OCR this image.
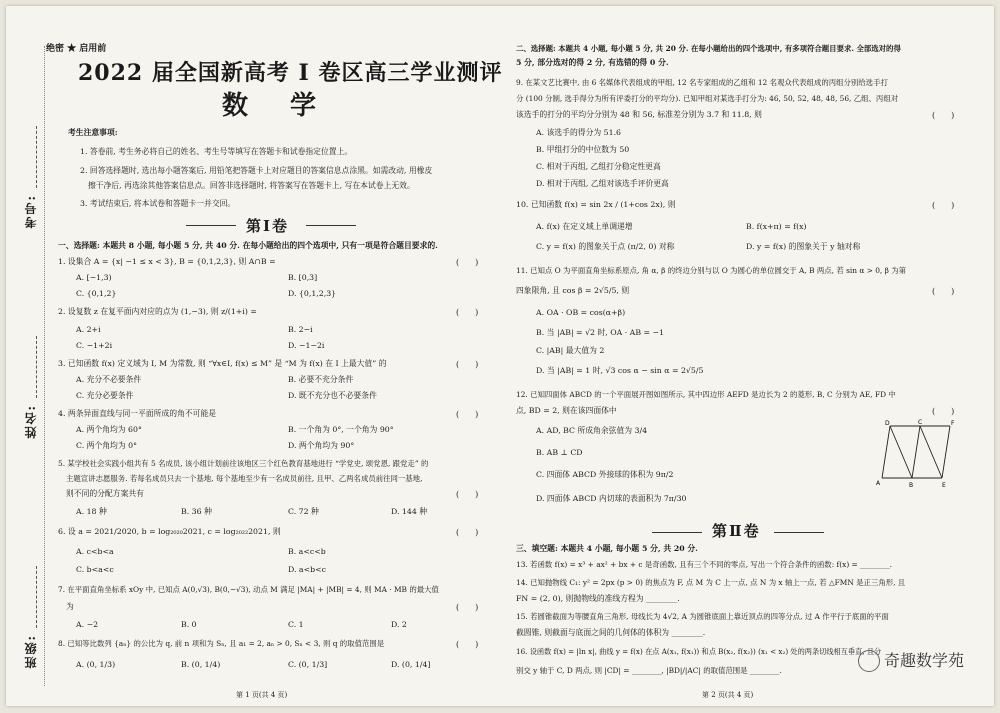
考号:
姓名:
班级:
绝密 ★ 启用前
2022 届全国新高考 Ⅰ 卷区高三学业测评
数　学
考生注意事项:
1. 答卷前, 考生务必将自己的姓名、考生号等填写在答题卡和试卷指定位置上。
2. 回答选择题时, 选出每小题答案后, 用铅笔把答题卡上对应题目的答案信息点涂黑。如需改动, 用橡皮
擦干净后, 再选涂其他答案信息点。回答非选择题时, 将答案写在答题卡上, 写在本试卷上无效。
3. 考试结束后, 将本试卷和答题卡一并交回。
第Ⅰ卷
一、选择题: 本题共 8 小题, 每小题 5 分, 共 40 分. 在每小题给出的四个选项中, 只有一项是符合题目要求的.
1. 设集合 A = {x| −1 ≤ x < 3}, B = {0,1,2,3}, 则 A∩B =	(　　)
A. [−1,3)	B. [0,3]
C. {0,1,2}	D. {0,1,2,3}
2. 设复数 z 在复平面内对应的点为 (1,−3), 则 z/(1+i) =	(　　)
A. 2+i	B. 2−i
C. −1+2i	D. −1−2i
3. 已知函数 f(x) 定义域为 I, M 为常数, 则 “∀x∈I, f(x) ≤ M” 是 “M 为 f(x) 在 I 上最大值” 的	(　　)
A. 充分不必要条件	B. 必要不充分条件
C. 充分必要条件	D. 既不充分也不必要条件
4. 两条异面直线与同一平面所成的角不可能是	(　　)
A. 两个角均为 60°	B. 一个角为 0°, 一个角为 90°
C. 两个角均为 0°	D. 两个角均为 90°
5. 某学校社会实践小组共有 5 名成员, 该小组计划前往该地区三个红色教育基地进行 “学党史, 颂党恩, 跟党走” 的
主题宣讲志愿服务. 若每名成员只去一个基地, 每个基地至少有一名成员前往, 且甲、乙两名成员前往同一基地,
则不同的分配方案共有	(　　)
A. 18 种	B. 36 种	C. 72 种	D. 144 种
6. 设 a = 2021/2020, b = log₂₀₂₀2021, c = log₂₀₂₂2021, 则	(　　)
A. c<b<a	B. a<c<b
C. b<a<c	D. a<b<c
7. 在平面直角坐标系 xOy 中, 已知点 A(0,√3), B(0,−√3), 动点 M 满足 |MA| + |MB| = 4, 则 MA · MB 的最大值
为	(　　)
A. −2	B. 0	C. 1	D. 2
8. 已知等比数列 {aₙ} 的公比为 q, 前 n 项和为 Sₙ, 且 a₁ = 2, aₙ > 0, Sₙ < 3, 则 q 的取值范围是	(　　)
A. (0, 1/3)	B. (0, 1/4)	C. (0, 1/3]	D. (0, 1/4]
第 1 页(共 4 页)
二、选择题: 本题共 4 小题, 每小题 5 分, 共 20 分. 在每小题给出的四个选项中, 有多项符合题目要求. 全部选对的得
5 分, 部分选对的得 2 分, 有选错的得 0 分.
9. 在某文艺比赛中, 由 6 名媒体代表组成的甲组, 12 名专家组成的乙组和 12 名观众代表组成的丙组分别给选手打
分 (100 分制, 选手得分为所有评委打分的平均分). 已知甲组对某选手打分为: 46, 50, 52, 48, 48, 56, 乙组、丙组对
该选手的打分的平均分分别为 48 和 56, 标准差分别为 3.7 和 11.8, 则	(　　)
A. 该选手的得分为 51.6
B. 甲组打分的中位数为 50
C. 相对于丙组, 乙组打分稳定性更高
D. 相对于丙组, 乙组对该选手评价更高
10. 已知函数 f(x) = sin 2x / (1+cos 2x), 则	(　　)
A. f(x) 在定义域上单调递增	B. f(x+π) = f(x)
C. y = f(x) 的图象关于点 (π/2, 0) 对称	D. y = f(x) 的图象关于 y 轴对称
11. 已知点 O 为平面直角坐标系原点, 角 α, β 的终边分别与以 O 为圆心的单位圆交于 A, B 两点, 若 sin α > 0, β 为第
四象限角, 且 cos β = 2√5/5, 则	(　　)
A. OA · OB = cos(α+β)
B. 当 |AB| = √2 时, OA · AB = −1
C. |AB| 最大值为 2
D. 当 |AB| = 1 时, √3 cos α − sin α = 2√5/5
12. 已知四面体 ABCD 的一个平面展开图如图所示, 其中四边形 AEFD 是边长为 2 的菱形, B, C 分别为 AE, FD 中
点, BD = 2, 则在该四面体中	(　　)
A. AD, BC 所成角余弦值为 3/4
B. AB ⊥ CD
C. 四面体 ABCD 外接球的体积为 9π/2
D. 四面体 ABCD 内切球的表面积为 7π/30
D	C	F
A	B	E
第Ⅱ卷
三、填空题: 本题共 4 小题, 每小题 5 分, 共 20 分.
13. 若函数 f(x) = x³ + ax² + bx + c 是奇函数, 且有三个不同的零点, 写出一个符合条件的函数: f(x) = ________.
14. 已知抛物线 C₁: y² = 2px (p > 0) 的焦点为 F, 点 M 为 C 上一点, 点 N 为 x 轴上一点, 若 △FMN 是正三角形, 且
FN = (2, 0), 则抛物线的准线方程为 ________.
15. 若圆锥截面为等腰直角三角形, 母线长为 4√2, A 为圆锥底面上靠近顶点的四等分点, 过 A 作平行于底面的平面
截圆锥, 则截面与底面之间的几何体的体积为 ________.
16. 设函数 f(x) = |ln x|, 曲线 y = f(x) 在点 A(x₁, f(x₁)) 和点 B(x₂, f(x₂)) (x₁ < x₂) 处的两条切线相互垂直, 且分
别交 y 轴于 C, D 两点, 则 |CD| = ________, |BD|/|AC| 的取值范围是 ________.
第 2 页(共 4 页)
奇趣数学苑
